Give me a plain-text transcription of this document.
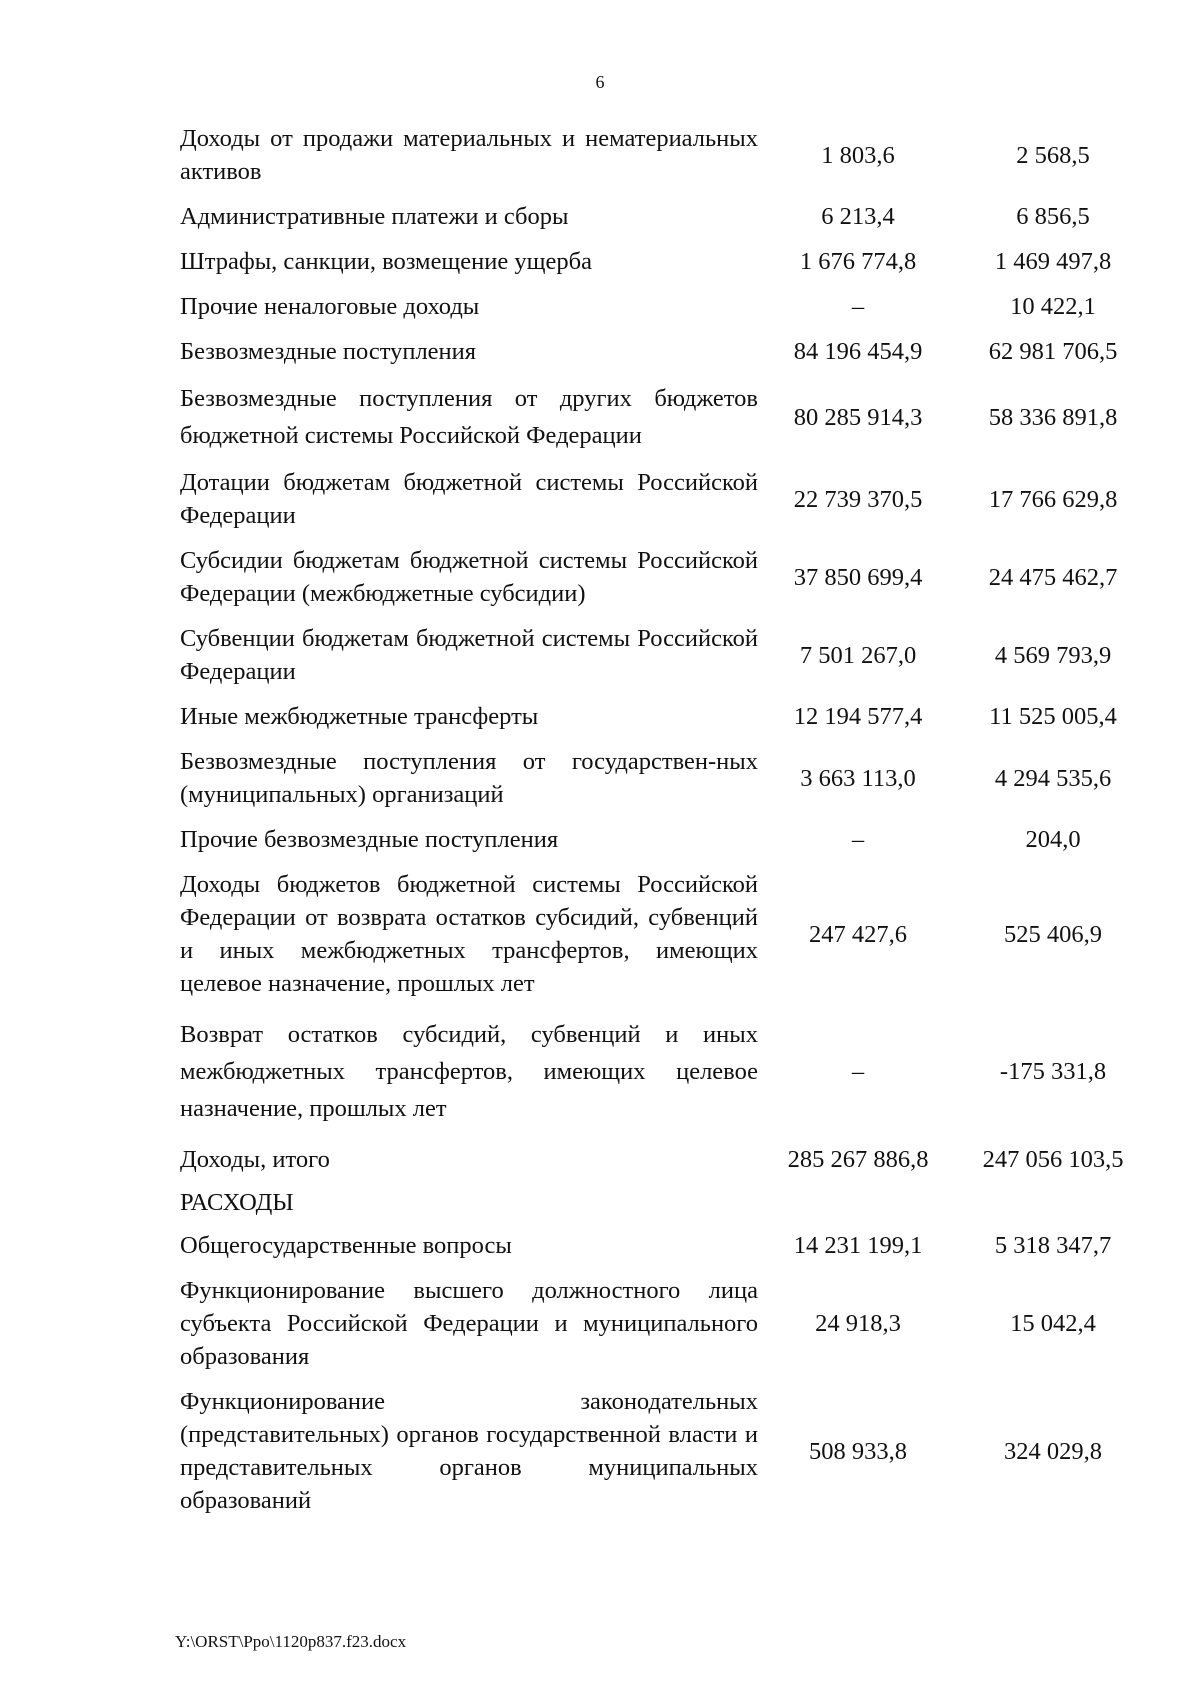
6
Доходы от продажи материальных и нематериальных активов	1 803,6	2 568,5
Административные платежи и сборы	6 213,4	6 856,5
Штрафы, санкции, возмещение ущерба	1 676 774,8	1 469 497,8
Прочие неналоговые доходы	–	10 422,1
Безвозмездные поступления	84 196 454,9	62 981 706,5
Безвозмездные поступления от других бюджетов бюджетной системы Российской Федерации	80 285 914,3	58 336 891,8
Дотации бюджетам бюджетной системы Российской Федерации	22 739 370,5	17 766 629,8
Субсидии бюджетам бюджетной системы Российской Федерации (межбюджетные субсидии)	37 850 699,4	24 475 462,7
Субвенции бюджетам бюджетной системы Российской Федерации	7 501 267,0	4 569 793,9
Иные межбюджетные трансферты	12 194 577,4	11 525 005,4
Безвозмездные поступления от государствен-ных (муниципальных) организаций	3 663 113,0	4 294 535,6
Прочие безвозмездные поступления	–	204,0
Доходы бюджетов бюджетной системы Российской Федерации от возврата остатков субсидий, субвенций и иных межбюджетных трансфертов, имеющих целевое назначение, прошлых лет	247 427,6	525 406,9
Возврат остатков субсидий, субвенций и иных межбюджетных трансфертов, имеющих целевое назначение, прошлых лет	–	-175 331,8
Доходы, итого	285 267 886,8	247 056 103,5
РАСХОДЫ		
Общегосударственные вопросы	14 231 199,1	5 318 347,7
Функционирование высшего должностного лица субъекта Российской Федерации и муниципального образования	24 918,3	15 042,4
Функционирование законодательных (представительных) органов государственной власти и представительных органов муниципальных образований	508 933,8	324 029,8
Y:\ORST\Ppo\1120p837.f23.docx
